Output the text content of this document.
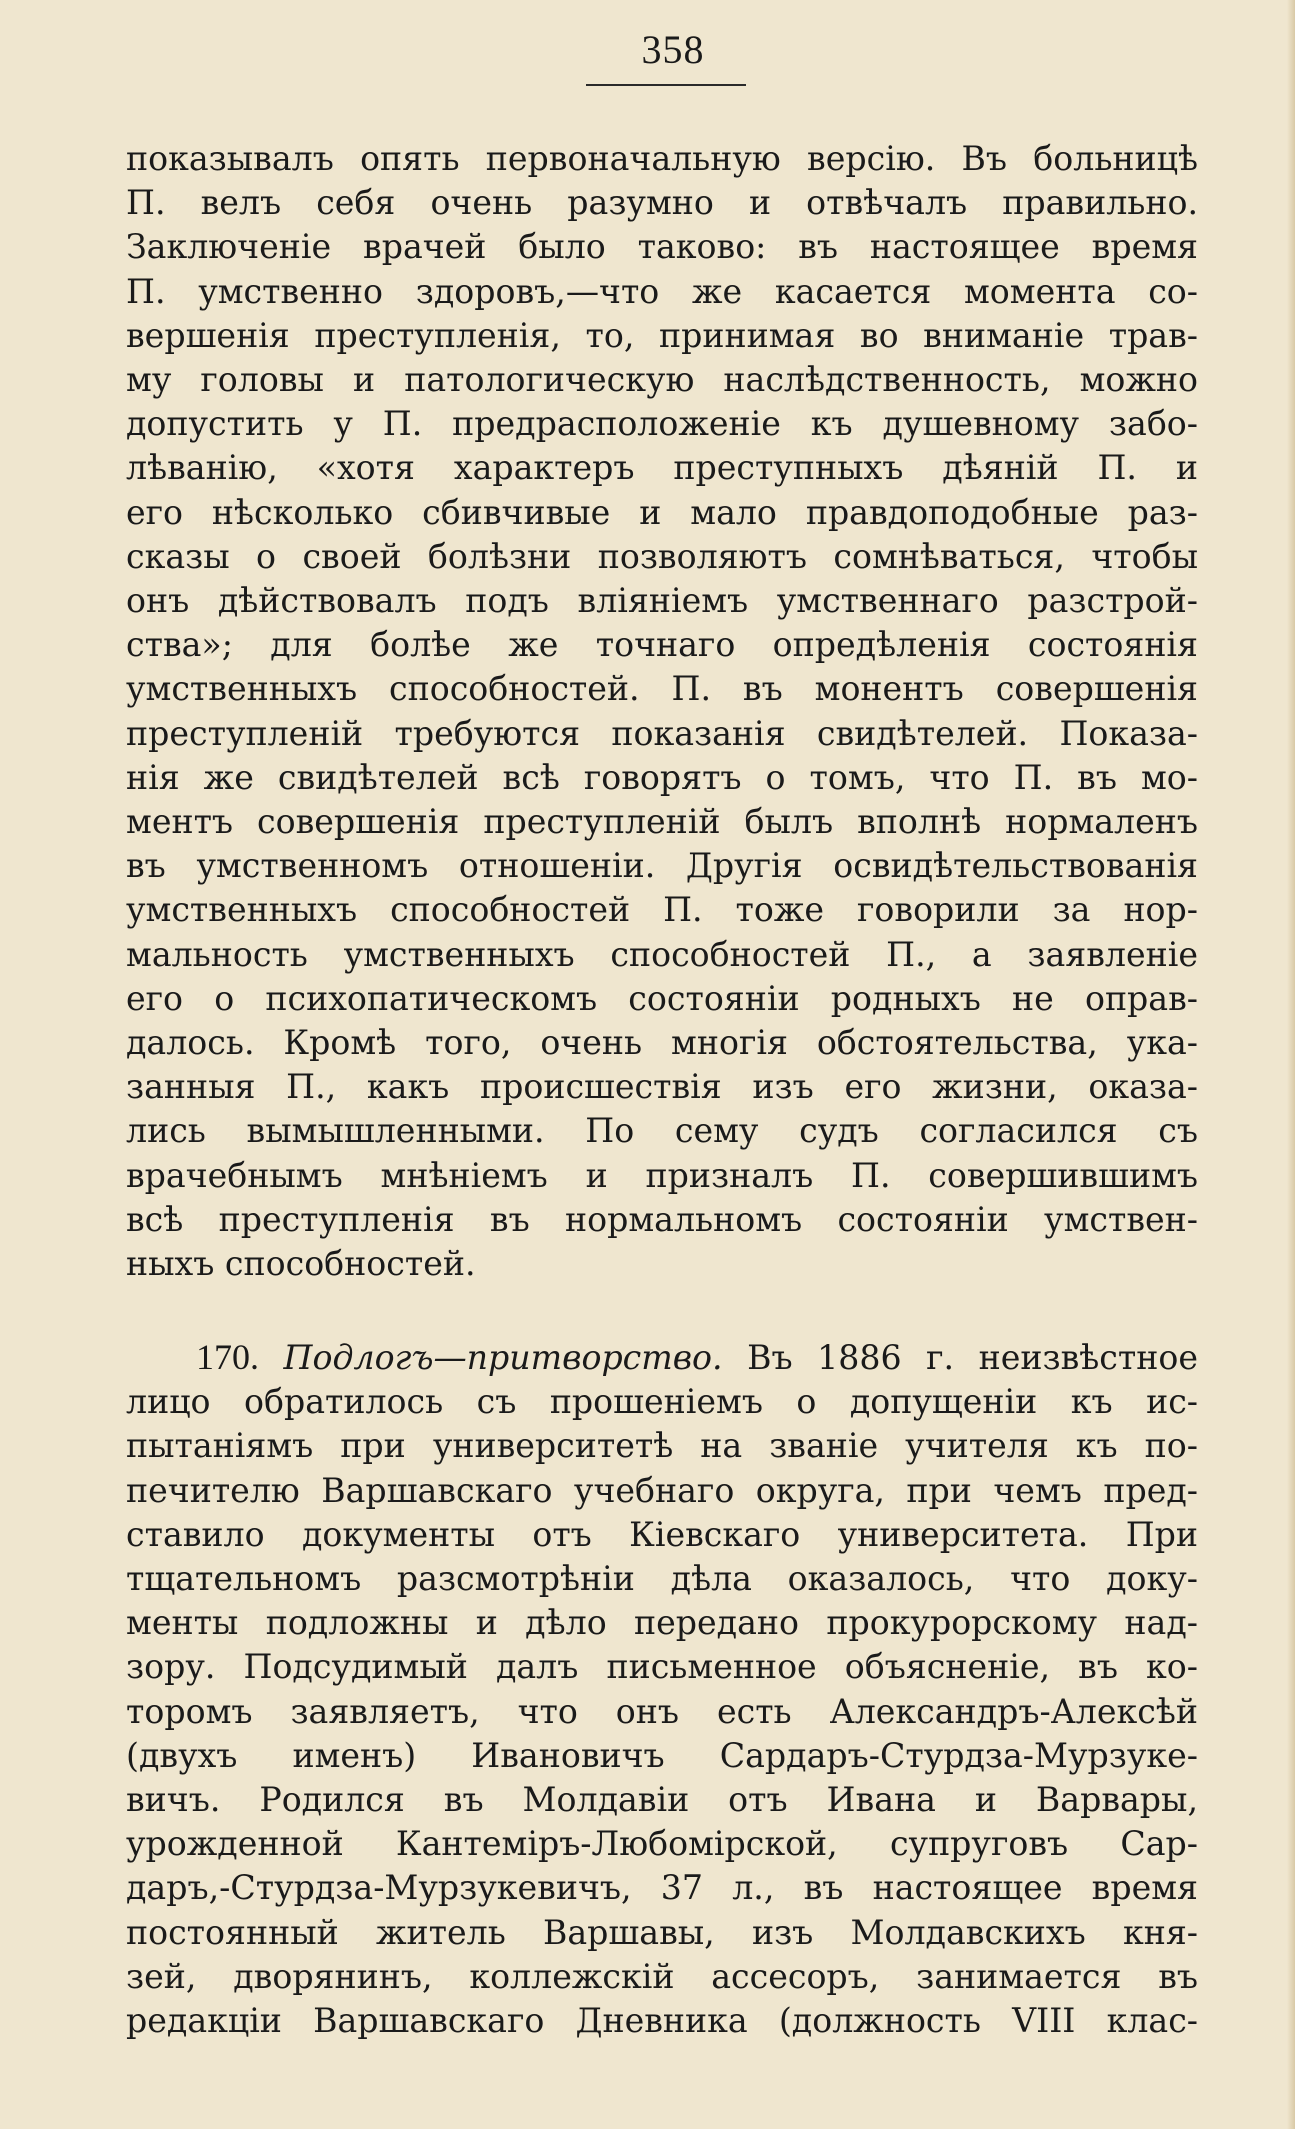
358
показывалъ опять первоначальную версію. Въ больницѣ
П. велъ себя очень разумно и отвѣчалъ правильно.
Заключеніе врачей было таково: въ настоящее время
П. умственно здоровъ,—что же касается момента со-
вершенія преступленія, то, принимая во вниманіе трав-
му головы и патологическую наслѣдственность, можно
допустить у П. предрасположеніе къ душевному забо-
лѣванію, «хотя характеръ преступныхъ дѣяній П. и
его нѣсколько сбивчивые и мало правдоподобные раз-
сказы о своей болѣзни позволяютъ сомнѣваться, чтобы
онъ дѣйствовалъ подъ вліяніемъ умственнаго разстрой-
ства»; для болѣе же точнаго опредѣленія состоянія
умственныхъ способностей. П. въ монентъ совершенія
преступленій требуются показанія свидѣтелей. Показа-
нія же свидѣтелей всѣ говорятъ о томъ, что П. въ мо-
ментъ совершенія преступленій былъ вполнѣ нормаленъ
въ умственномъ отношеніи. Другія освидѣтельствованія
умственныхъ способностей П. тоже говорили за нор-
мальность умственныхъ способностей П., а заявленіе
его о психопатическомъ состояніи родныхъ не оправ-
далось. Кромѣ того, очень многія обстоятельства, ука-
занныя П., какъ происшествія изъ его жизни, оказа-
лись вымышленными. По сему судъ согласился съ
врачебнымъ мнѣніемъ и призналъ П. совершившимъ
всѣ преступленія въ нормальномъ состояніи умствен-
ныхъ способностей.
170. Подлогъ—притворство. Въ 1886 г. неизвѣстное
лицо обратилось съ прошеніемъ о допущеніи къ ис-
пытаніямъ при университетѣ на званіе учителя къ по-
печителю Варшавскаго учебнаго округа, при чемъ пред-
ставило документы отъ Кіевскаго университета. При
тщательномъ разсмотрѣніи дѣла оказалось, что доку-
менты подложны и дѣло передано прокурорскому над-
зору. Подсудимый далъ письменное объясненіе, въ ко-
торомъ заявляетъ, что онъ есть Александръ-Алексѣй
(двухъ именъ) Ивановичъ Сардаръ-Стурдза-Мурзуке-
вичъ. Родился въ Молдавіи отъ Ивана и Варвары,
урожденной Кантеміръ-Любомірской, супруговъ Сар-
даръ,-Стурдза-Мурзукевичъ, 37 л., въ настоящее время
постоянный житель Варшавы, изъ Молдавскихъ кня-
зей, дворянинъ, коллежскій ассесоръ, занимается въ
редакціи Варшавскаго Дневника (должность VIII клас-
